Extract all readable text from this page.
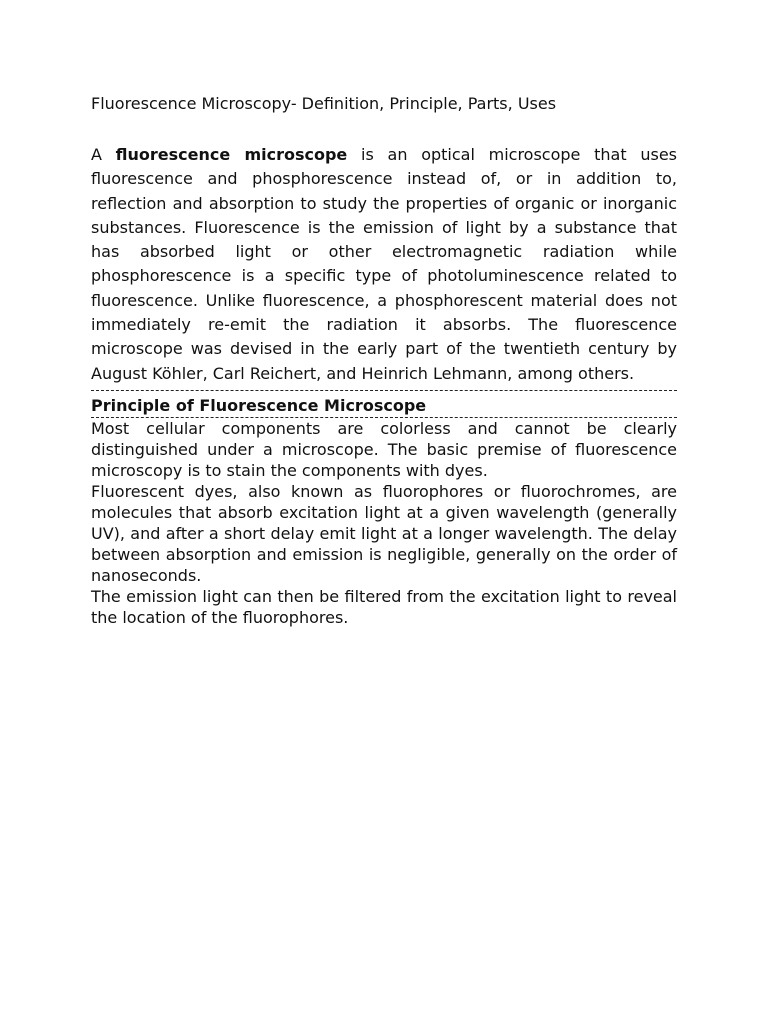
Fluorescence Microscopy- Definition, Principle, Parts, Uses
A fluorescence microscope is an optical microscope that uses fluorescence and phosphorescence instead of, or in addition to, reflection and absorption to study the properties of organic or inorganic substances. Fluorescence is the emission of light by a substance that has absorbed light or other electromagnetic radiation while phosphorescence is a specific type of photoluminescence related to fluorescence. Unlike fluorescence, a phosphorescent material does not immediately re-emit the radiation it absorbs. The fluorescence microscope was devised in the early part of the twentieth century by August Köhler, Carl Reichert, and Heinrich Lehmann, among others.
Principle of Fluorescence Microscope

Most cellular components are colorless and cannot be clearly distinguished under a microscope. The basic premise of fluorescence microscopy is to stain the components with dyes.

Fluorescent dyes, also known as fluorophores or fluorochromes, are molecules that absorb excitation light at a given wavelength (generally UV), and after a short delay emit light at a longer wavelength. The delay between absorption and emission is negligible, generally on the order of nanoseconds.

The emission light can then be filtered from the excitation light to reveal the location of the fluorophores.
